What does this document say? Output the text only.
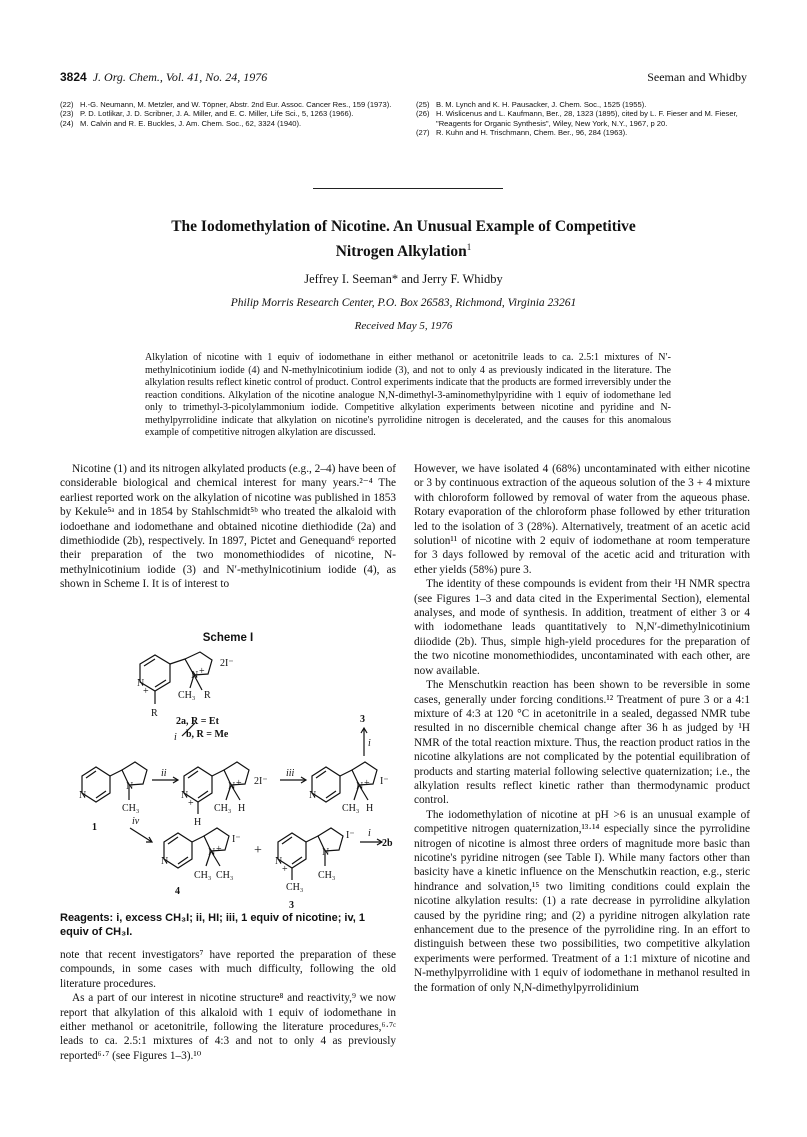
3824 J. Org. Chem., Vol. 41, No. 24, 1976	Seeman and Whidby
(22) H.-G. Neumann, M. Metzler, and W. Töpner, Abstr. 2nd Eur. Assoc. Cancer Res., 159 (1973).
(23) P. D. Lotlikar, J. D. Scribner, J. A. Miller, and E. C. Miller, Life Sci., 5, 1263 (1966).
(24) M. Calvin and R. E. Buckles, J. Am. Chem. Soc., 62, 3324 (1940).
(25) B. M. Lynch and K. H. Pausacker, J. Chem. Soc., 1525 (1955).
(26) H. Wislicenus and L. Kaufmann, Ber., 28, 1323 (1895), cited by L. F. Fieser and M. Fieser, "Reagents for Organic Synthesis", Wiley, New York, N.Y., 1967, p 20.
(27) R. Kuhn and H. Trischmann, Chem. Ber., 96, 284 (1963).
The Iodomethylation of Nicotine. An Unusual Example of Competitive
Nitrogen Alkylation$^1$
Jeffrey I. Seeman* and Jerry F. Whidby
Philip Morris Research Center, P.O. Box 26583, Richmond, Virginia 23261
Received May 5, 1976
Alkylation of nicotine with 1 equiv of iodomethane in either methanol or acetonitrile leads to ca. 2.5:1 mixtures of N′-methylnicotinium iodide (4) and N-methylnicotinium iodide (3), and not to only 4 as previously indicated in the literature. The alkylation results reflect kinetic control of product. Control experiments indicate that the products are formed irreversibly under the reaction conditions. Alkylation of the nicotine analogue N,N-dimethyl-3-aminomethylpyridine with 1 equiv of iodomethane led only to trimethyl-3-picolylammonium iodide. Competitive alkylation experiments between nicotine and pyridine and N-methylpyrrolidine indicate that alkylation on nicotine's pyrrolidine nitrogen is decelerated, and the causes for this anomalous example of competitive nitrogen alkylation are discussed.

Nicotine (1) and its nitrogen alkylated products (e.g., 2–4) have been of considerable biological and chemical interest for many years.²⁻⁴ The earliest reported work on the alkylation of nicotine was published in 1853 by Kekule⁵ᵃ and in 1854 by Stahlschmidt⁵ᵇ who treated the alkaloid with iodoethane and iodomethane and obtained nicotine diethiodide (2a) and dimethiodide (2b), respectively. In 1897, Pictet and Genequand⁶ reported their preparation of the two monomethiodides of nicotine, N-methylnicotinium iodide (3) and N′-methylnicotinium iodide (4), as shown in Scheme I. It is of interest to

Scheme I
N
+
N +
2I⁻
CH₃ R
R
2a, R = Et
b, R = Me
i
3
i
N
N
CH₃
1
ii
N
+
N + 2I⁻
CH₃ H
H
iii
N
N + I⁻
CH₃ H
iv
N
N +
I⁻
CH₃ CH₃
4
+
N
+
N
I⁻
CH₃
CH₃
3
i
2b
Reagents: i, excess CH₃I; ii, HI; iii, 1 equiv of nicotine; iv, 1 equiv of CH₃I.

note that recent investigators⁷ have reported the preparation of these compounds, in some cases with much difficulty, following the old literature procedures.

As a part of our interest in nicotine structure⁸ and reactivity,⁹ we now report that alkylation of this alkaloid with 1 equiv of iodomethane in either methanol or acetonitrile, following the literature procedures,⁶·⁷ᶜ leads to ca. 2.5:1 mixtures of 4:3 and not to only 4 as previously reported⁶·⁷ (see Figures 1–3).¹⁰

However, we have isolated 4 (68%) uncontaminated with either nicotine or 3 by continuous extraction of the aqueous solution of the 3 + 4 mixture with chloroform followed by removal of water from the aqueous phase. Rotary evaporation of the chloroform phase followed by ether trituration led to the isolation of 3 (28%). Alternatively, treatment of an acetic acid solution¹¹ of nicotine with 2 equiv of iodomethane at room temperature for 3 days followed by removal of the acetic acid and trituration with ether yields (58%) pure 3.

The identity of these compounds is evident from their ¹H NMR spectra (see Figures 1–3 and data cited in the Experimental Section), elemental analyses, and mode of synthesis. In addition, treatment of either 3 or 4 with iodomethane leads quantitatively to N,N′-dimethylnicotinium diiodide (2b). Thus, simple high-yield procedures for the preparation of the two nicotine monomethiodides, uncontaminated with each other, are now available.

The Menschutkin reaction has been shown to be reversible in some cases, generally under forcing conditions.¹² Treatment of pure 3 or a 4:1 mixture of 4:3 at 120 °C in acetonitrile in a sealed, degassed NMR tube resulted in no discernible chemical change after 36 h as judged by ¹H NMR of the total reaction mixture. Thus, the reaction product ratios in the nicotine alkylations are not complicated by the potential equilibration of products and starting material following selective quaternization; i.e., the alkylation results reflect kinetic rather than thermodynamic product control.

The iodomethylation of nicotine at pH >6 is an unusual example of competitive nitrogen quaternization,¹³·¹⁴ especially since the pyrrolidine nitrogen of nicotine is almost three orders of magnitude more basic than nicotine's pyridine nitrogen (see Table I). While many factors other than basicity have a kinetic influence on the Menschutkin reaction, e.g., steric hindrance and solvation,¹⁵ two limiting conditions could explain the nicotine alkylation results: (1) a rate decrease in pyrrolidine alkylation caused by the pyridine ring; and (2) a pyridine nitrogen alkylation rate enhancement due to the presence of the pyrrolidine ring. In an effort to distinguish between these two possibilities, two competitive alkylation experiments were performed. Treatment of a 1:1 mixture of nicotine and N-methylpyrrolidine with 1 equiv of iodomethane in methanol resulted in the formation of only N,N-dimethylpyrrolidinium
